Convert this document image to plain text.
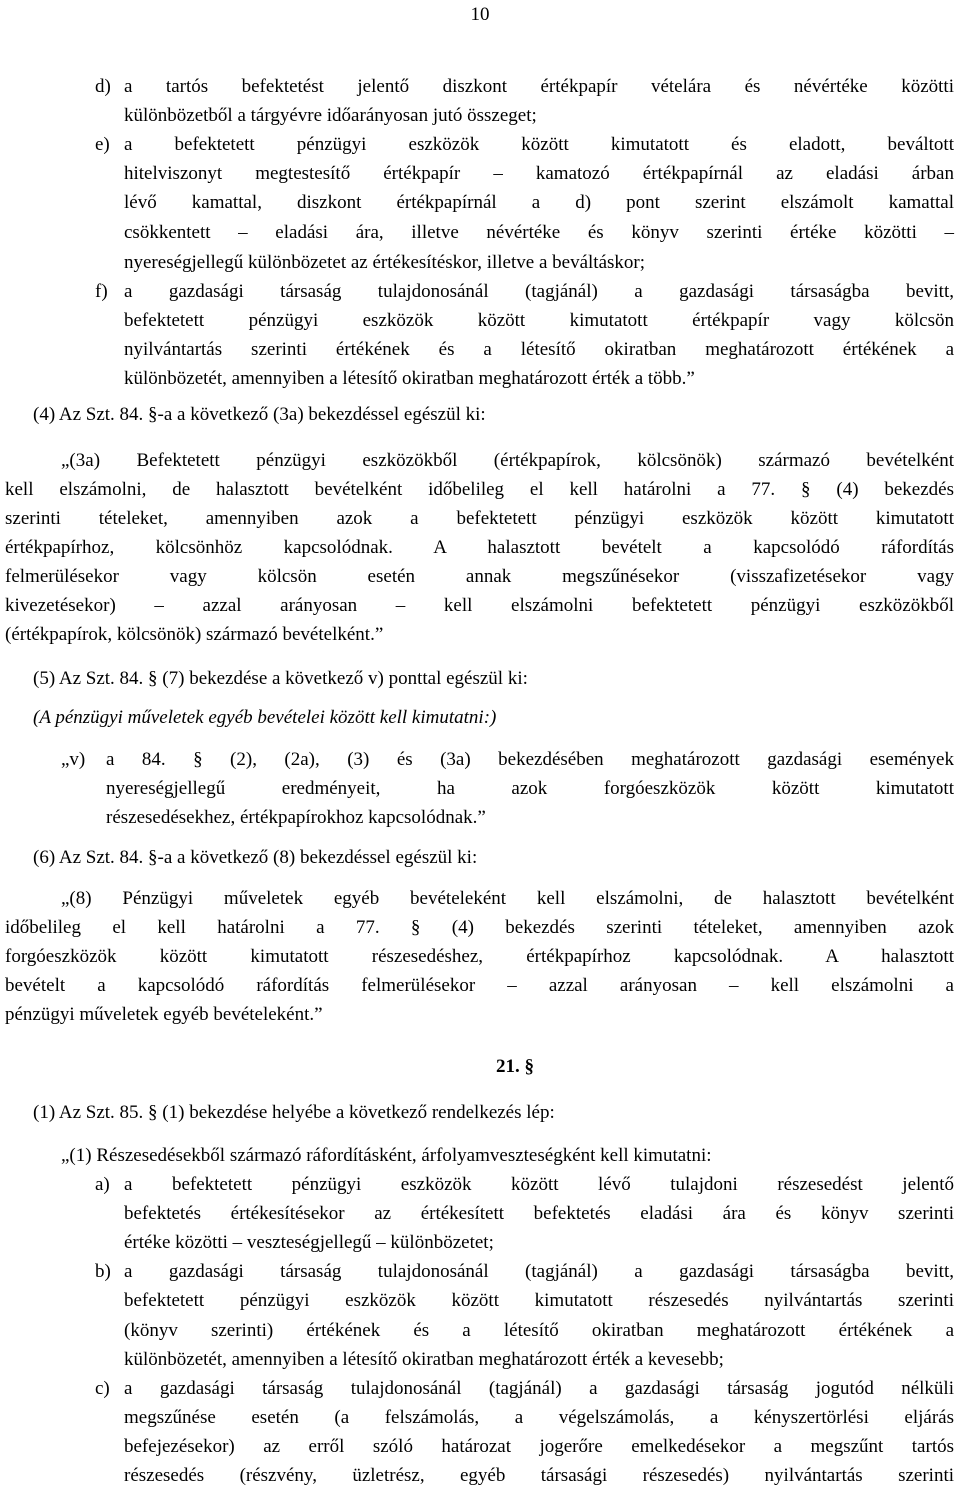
10
d) a tartós befektetést jelentő diszkont értékpapír vételára és névértéke közötti
különbözetből a tárgyévre időarányosan jutó összeget;
e) a befektetett pénzügyi eszközök között kimutatott és eladott, beváltott
hitelviszonyt megtestesítő értékpapír – kamatozó értékpapírnál az eladási árban
lévő kamattal, diszkont értékpapírnál a d) pont szerint elszámolt kamattal
csökkentett – eladási ára, illetve névértéke és könyv szerinti értéke közötti –
nyereségjellegű különbözetet az értékesítéskor, illetve a beváltáskor;
f) a gazdasági társaság tulajdonosánál (tagjánál) a gazdasági társaságba bevitt,
befektetett pénzügyi eszközök között kimutatott értékpapír vagy kölcsön
nyilvántartás szerinti értékének és a létesítő okiratban meghatározott értékének a
különbözetét, amennyiben a létesítő okiratban meghatározott érték a több.”
(4) Az Szt. 84. §-a a következő (3a) bekezdéssel egészül ki:
„(3a) Befektetett pénzügyi eszközökből (értékpapírok, kölcsönök) származó bevételként
kell elszámolni, de halasztott bevételként időbelileg el kell határolni a 77. § (4) bekezdés
szerinti tételeket, amennyiben azok a befektetett pénzügyi eszközök között kimutatott
értékpapírhoz, kölcsönhöz kapcsolódnak. A halasztott bevételt a kapcsolódó ráfordítás
felmerülésekor vagy kölcsön esetén annak megszűnésekor (visszafizetésekor vagy
kivezetésekor) – azzal arányosan – kell elszámolni befektetett pénzügyi eszközökből
(értékpapírok, kölcsönök) származó bevételként.”
(5) Az Szt. 84. § (7) bekezdése a következő v) ponttal egészül ki:
(A pénzügyi műveletek egyéb bevételei között kell kimutatni:)
„v) a 84. § (2), (2a), (3) és (3a) bekezdésében meghatározott gazdasági események
nyereségjellegű eredményeit, ha azok forgóeszközök között kimutatott
részesedésekhez, értékpapírokhoz kapcsolódnak.”
(6) Az Szt. 84. §-a a következő (8) bekezdéssel egészül ki:
„(8) Pénzügyi műveletek egyéb bevételeként kell elszámolni, de halasztott bevételként
időbelileg el kell határolni a 77. § (4) bekezdés szerinti tételeket, amennyiben azok
forgóeszközök között kimutatott részesedéshez, értékpapírhoz kapcsolódnak. A halasztott
bevételt a kapcsolódó ráfordítás felmerülésekor – azzal arányosan – kell elszámolni a
pénzügyi műveletek egyéb bevételeként.”
21. §
(1) Az Szt. 85. § (1) bekezdése helyébe a következő rendelkezés lép:
„(1) Részesedésekből származó ráfordításként, árfolyamveszteségként kell kimutatni:
a) a befektetett pénzügyi eszközök között lévő tulajdoni részesedést jelentő
befektetés értékesítésekor az értékesített befektetés eladási ára és könyv szerinti
értéke közötti – veszteségjellegű – különbözetet;
b) a gazdasági társaság tulajdonosánál (tagjánál) a gazdasági társaságba bevitt,
befektetett pénzügyi eszközök között kimutatott részesedés nyilvántartás szerinti
(könyv szerinti) értékének és a létesítő okiratban meghatározott értékének a
különbözetét, amennyiben a létesítő okiratban meghatározott érték a kevesebb;
c) a gazdasági társaság tulajdonosánál (tagjánál) a gazdasági társaság jogutód nélküli
megszűnése esetén (a felszámolás, a végelszámolás, a kényszertörlési eljárás
befejezésekor) az erről szóló határozat jogerőre emelkedésekor a megszűnt tartós
részesedés (részvény, üzletrész, egyéb társasági részesedés) nyilvántartás szerinti
